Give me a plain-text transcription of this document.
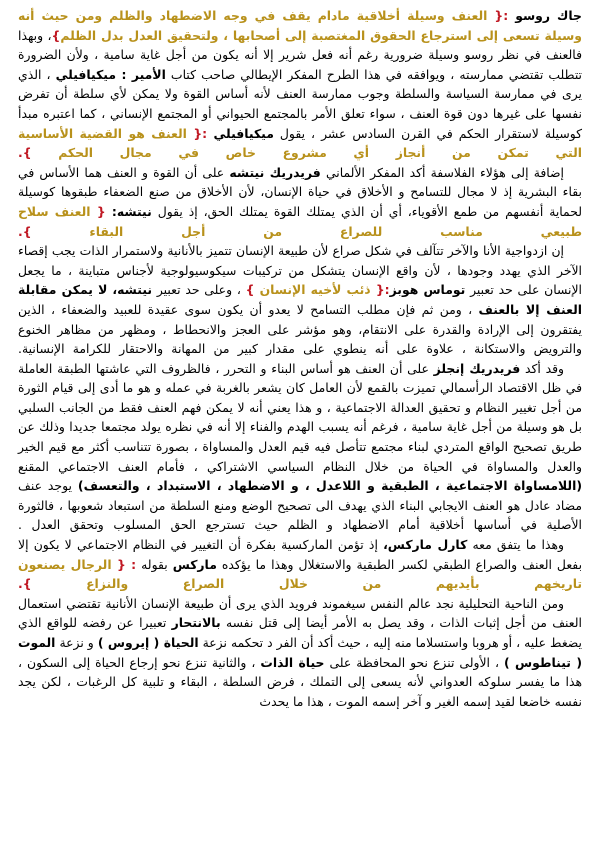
جاك روسو :{ العنف وسيلة أخلاقية مادام يقف في وجه الاضطهاد والظلم ومن حيث أنه وسيلة تسعى إلى استرجاع الحقوق المغتصبة إلى أصحابها ، ولتحقيق العدل بدل الظلم}، وبهذا فالعنف في نظر روسو وسيلة ضرورية رغم أنه فعل شرير إلا أنه يكون من أجل غاية سامية ، ولأن الضرورة تتطلب تقتضي ممارسته ، ويوافقه في هذا الطرح المفكر الإيطالي صاحب كتاب الأمير : ميكيافيلي ، الذي يرى في ممارسة السياسة والسلطة وجوب ممارسة العنف لأنه أساس القوة ولا يمكن لأي سلطة أن تفرض نفسها على غيرها دون قوة العنف ، سواء تعلق الأمر بالمجتمع الحيواني أو المجتمع الإنساني ، كما اعتبره مبدأ كوسيلة لاستقرار الحكم في القرن السادس عشر ، يقول ميكيافيلي :{ العنف هو القضية الأساسية التي تمكن من أنجاز أي مشروع خاص في مجال الحكم }.

إضافة إلى هؤلاء الفلاسفة أكد المفكر الألماني فريدريك نيتشه على أن القوة و العنف هما الأساس في بقاء البشرية إذ لا مجال للتسامح و الأخلاق في حياة الإنسان، لأن الأخلاق من صنع الضعفاء طبقوها كوسيلة لحماية أنفسهم من طمع الأقوياء، أي أن الذي يمتلك القوة يمتلك الحق، إذ يقول نيتشه: { العنف سلاح طبيعي مناسب للصراع من أجل البقاء }.

إن ازدواجية الأنا والآخر تتآلف في شكل صراع لأن طبيعة الإنسان تتميز بالأنانية ولاستمرار الذات يجب إقصاء الآخر الذي يهدد وجودها ، لأن واقع الإنسان يتشكل من تركيبات سيكوسيولوجية لأجناس متباينة ، ما يجعل الإنسان على حد تعبير توماس هوبز:{ ذئب لأخيه الإنسان } ، وعلى حد تعبير نيتشه، لا يمكن مقابلة العنف إلا بالعنف ، ومن ثم فإن مطلب التسامح لا يعدو أن يكون سوى عقيدة للعبيد والضعفاء ، الذين يفتقرون إلى الإرادة والقدرة على الانتقام، وهو مؤشر على العجز والانحطاط ، ومظهر من مظاهر الخنوع والترويض والاستكانة ، علاوة على أنه ينطوي على مقدار كبير من المهانة والاحتقار للكرامة الإنسانية.

وقد أكد فريدريك إنجلز على أن العنف هو أساس البناء و التحرر ، فالظروف التي عاشتها الطبقة العاملة في ظل الاقتصاد الرأسمالي تميزت بالقمع لأن العامل كان يشعر بالغربة في عمله و هو ما أدى إلى قيام الثورة من أجل تغيير النظام و تحقيق العدالة الاجتماعية ، و هذا يعني أنه لا يمكن فهم العنف فقط من الجانب السلبي بل هو وسيلة من أجل غاية سامية ، فرغم أنه يسبب الهدم والفناء إلا أنه في نظره يولد مجتمعا جديدا وذلك عن طريق تصحيح الواقع المتردي لبناء مجتمع تتأصل فيه قيم العدل والمساواة ، بصورة تتناسب أكثر مع قيم الخير والعدل والمساواة في الحياة من خلال النظام السياسي الاشتراكي ، فأمام العنف الاجتماعي المقنع (اللامساواة الاجتماعية ، الطبقية و اللاعدل ، و الاضطهاد ، الاستبداد ، والتعسف) يوجد عنف مضاد عادل هو العنف الايجابي البناء الذي يهدف الى تصحيح الوضع ومنع السلطة من استبعاد شعوبها ، فالثورة الأصلية في أساسها أخلاقية أمام الاضطهاد و الظلم حيث تسترجع الحق المسلوب وتحقق العدل .

وهذا ما يتفق معه كارل ماركس، إذ تؤمن الماركسية بفكرة أن التغيير في النظام الاجتماعي لا يكون إلا بفعل العنف والصراع الطبقي لكسر الطبقية والاستغلال وهذا ما يؤكده ماركس بقوله : { الرجال يصنعون تاريخهم بأيديهم من خلال الصراع والنزاع }.

ومن الناحية التحليلية نجد عالم النفس سيغموند فرويد الذي يرى أن طبيعة الإنسان الأنانية تقتضي استعمال العنف من أجل إثبات الذات ، وقد يصل به الأمر أيضا إلى قتل نفسه بالانتحار تعبيرا عن رفضه للواقع الذي يضغط عليه ، أو هروبا واستسلاما منه إليه ، حيث أكد أن الفر د تحكمه نزعة الحياة ( إيروس ) و نزعة الموت ( تيناطوس ) ، الأولى تنزع نحو المحافظة على حياة الذات ، والثانية تنزع نحو إرجاع الحياة إلى السكون ، هذا ما يفسر سلوكه العدواني لأنه يسعى إلى التملك ، فرض السلطة ، البقاء و تلبية كل الرغبات ، لكن يجد نفسه خاضعا لقيد إسمه الغير و آخر إسمه الموت ، هذا ما يحدث
